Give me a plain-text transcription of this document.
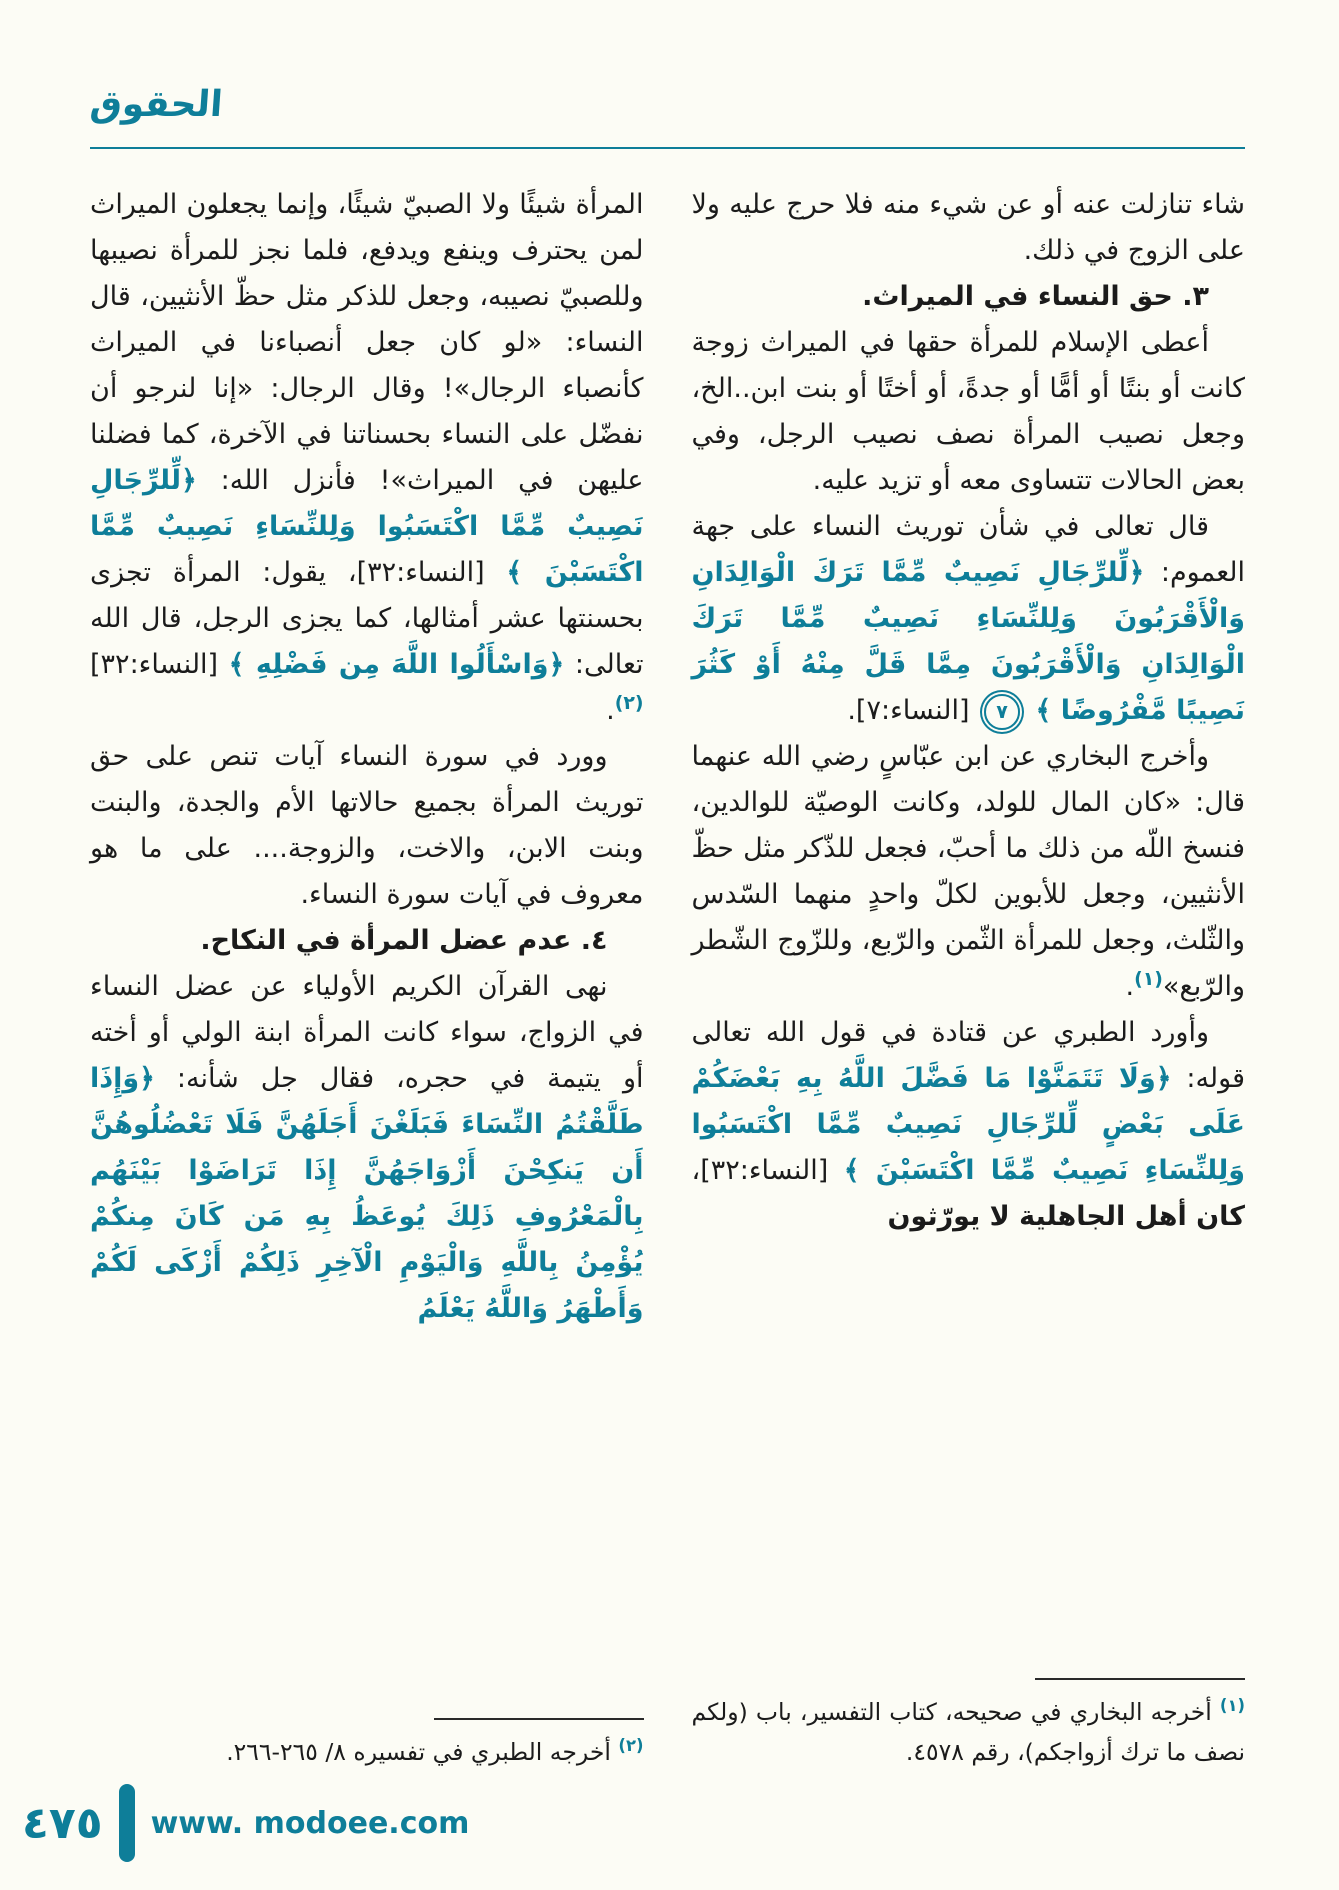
الحقوق

شاء تنازلت عنه أو عن شيء منه فلا حرج عليه ولا على الزوج في ذلك.

٣. حق النساء في الميراث.

أعطى الإسلام للمرأة حقها في الميراث زوجة كانت أو بنتًا أو أمًّا أو جدةً، أو أختًا أو بنت ابن..الخ، وجعل نصيب المرأة نصف نصيب الرجل، وفي بعض الحالات تتساوى معه أو تزيد عليه.

قال تعالى في شأن توريث النساء على جهة العموم: ﴿لِّلرِّجَالِ نَصِيبٌ مِّمَّا تَرَكَ الْوَالِدَانِ وَالْأَقْرَبُونَ وَلِلنِّسَاءِ نَصِيبٌ مِّمَّا تَرَكَ الْوَالِدَانِ وَالْأَقْرَبُونَ مِمَّا قَلَّ مِنْهُ أَوْ كَثُرَ نَصِيبًا مَّفْرُوضًا ﴾ ٧ [النساء:٧].

وأخرج البخاري عن ابن عبّاسٍ رضي الله عنهما قال: «كان المال للولد، وكانت الوصيّة للوالدين، فنسخ اللّه من ذلك ما أحبّ، فجعل للذّكر مثل حظّ الأنثيين، وجعل للأبوين لكلّ واحدٍ منهما السّدس والثّلث، وجعل للمرأة الثّمن والرّبع، وللزّوج الشّطر والرّبع»$^{(١)}$.

وأورد الطبري عن قتادة في قول الله تعالى قوله: ﴿وَلَا تَتَمَنَّوْا مَا فَضَّلَ اللَّهُ بِهِ بَعْضَكُمْ عَلَى بَعْضٍ لِّلرِّجَالِ نَصِيبٌ مِّمَّا اكْتَسَبُوا وَلِلنِّسَاءِ نَصِيبٌ مِّمَّا اكْتَسَبْنَ ﴾ [النساء:٣٢]، كان أهل الجاهلية لا يورّثون

$^{(١)}$ أخرجه البخاري في صحيحه، كتاب التفسير، باب (ولكم نصف ما ترك أزواجكم)، رقم ٤٥٧٨.

المرأة شيئًا ولا الصبيّ شيئًا، وإنما يجعلون الميراث لمن يحترف وينفع ويدفع، فلما نجز للمرأة نصيبها وللصبيّ نصيبه، وجعل للذكر مثل حظّ الأنثيين، قال النساء: «لو كان جعل أنصباءنا في الميراث كأنصباء الرجال»! وقال الرجال: «إنا لنرجو أن نفضّل على النساء بحسناتنا في الآخرة، كما فضلنا عليهن في الميراث»! فأنزل الله: ﴿لِّلرِّجَالِ نَصِيبٌ مِّمَّا اكْتَسَبُوا وَلِلنِّسَاءِ نَصِيبٌ مِّمَّا اكْتَسَبْنَ ﴾ [النساء:٣٢]، يقول: المرأة تجزى بحسنتها عشر أمثالها، كما يجزى الرجل، قال الله تعالى: ﴿وَاسْأَلُوا اللَّهَ مِن فَضْلِهِ ﴾ [النساء:٣٢]$^{(٢)}$.

وورد في سورة النساء آيات تنص على حق توريث المرأة بجميع حالاتها الأم والجدة، والبنت وبنت الابن، والاخت، والزوجة.... على ما هو معروف في آيات سورة النساء.

٤. عدم عضل المرأة في النكاح.

نهى القرآن الكريم الأولياء عن عضل النساء في الزواج، سواء كانت المرأة ابنة الولي أو أخته أو يتيمة في حجره، فقال جل شأنه: ﴿وَإِذَا طَلَّقْتُمُ النِّسَاءَ فَبَلَغْنَ أَجَلَهُنَّ فَلَا تَعْضُلُوهُنَّ أَن يَنكِحْنَ أَزْوَاجَهُنَّ إِذَا تَرَاضَوْا بَيْنَهُم بِالْمَعْرُوفِ ذَلِكَ يُوعَظُ بِهِ مَن كَانَ مِنكُمْ يُؤْمِنُ بِاللَّهِ وَالْيَوْمِ الْآخِرِ ذَلِكُمْ أَزْكَى لَكُمْ وَأَطْهَرُ وَاللَّهُ يَعْلَمُ

$^{(٢)}$ أخرجه الطبري في تفسيره ٨/ ٢٦٥-٢٦٦.

٤٧٥ www. modoee.com
